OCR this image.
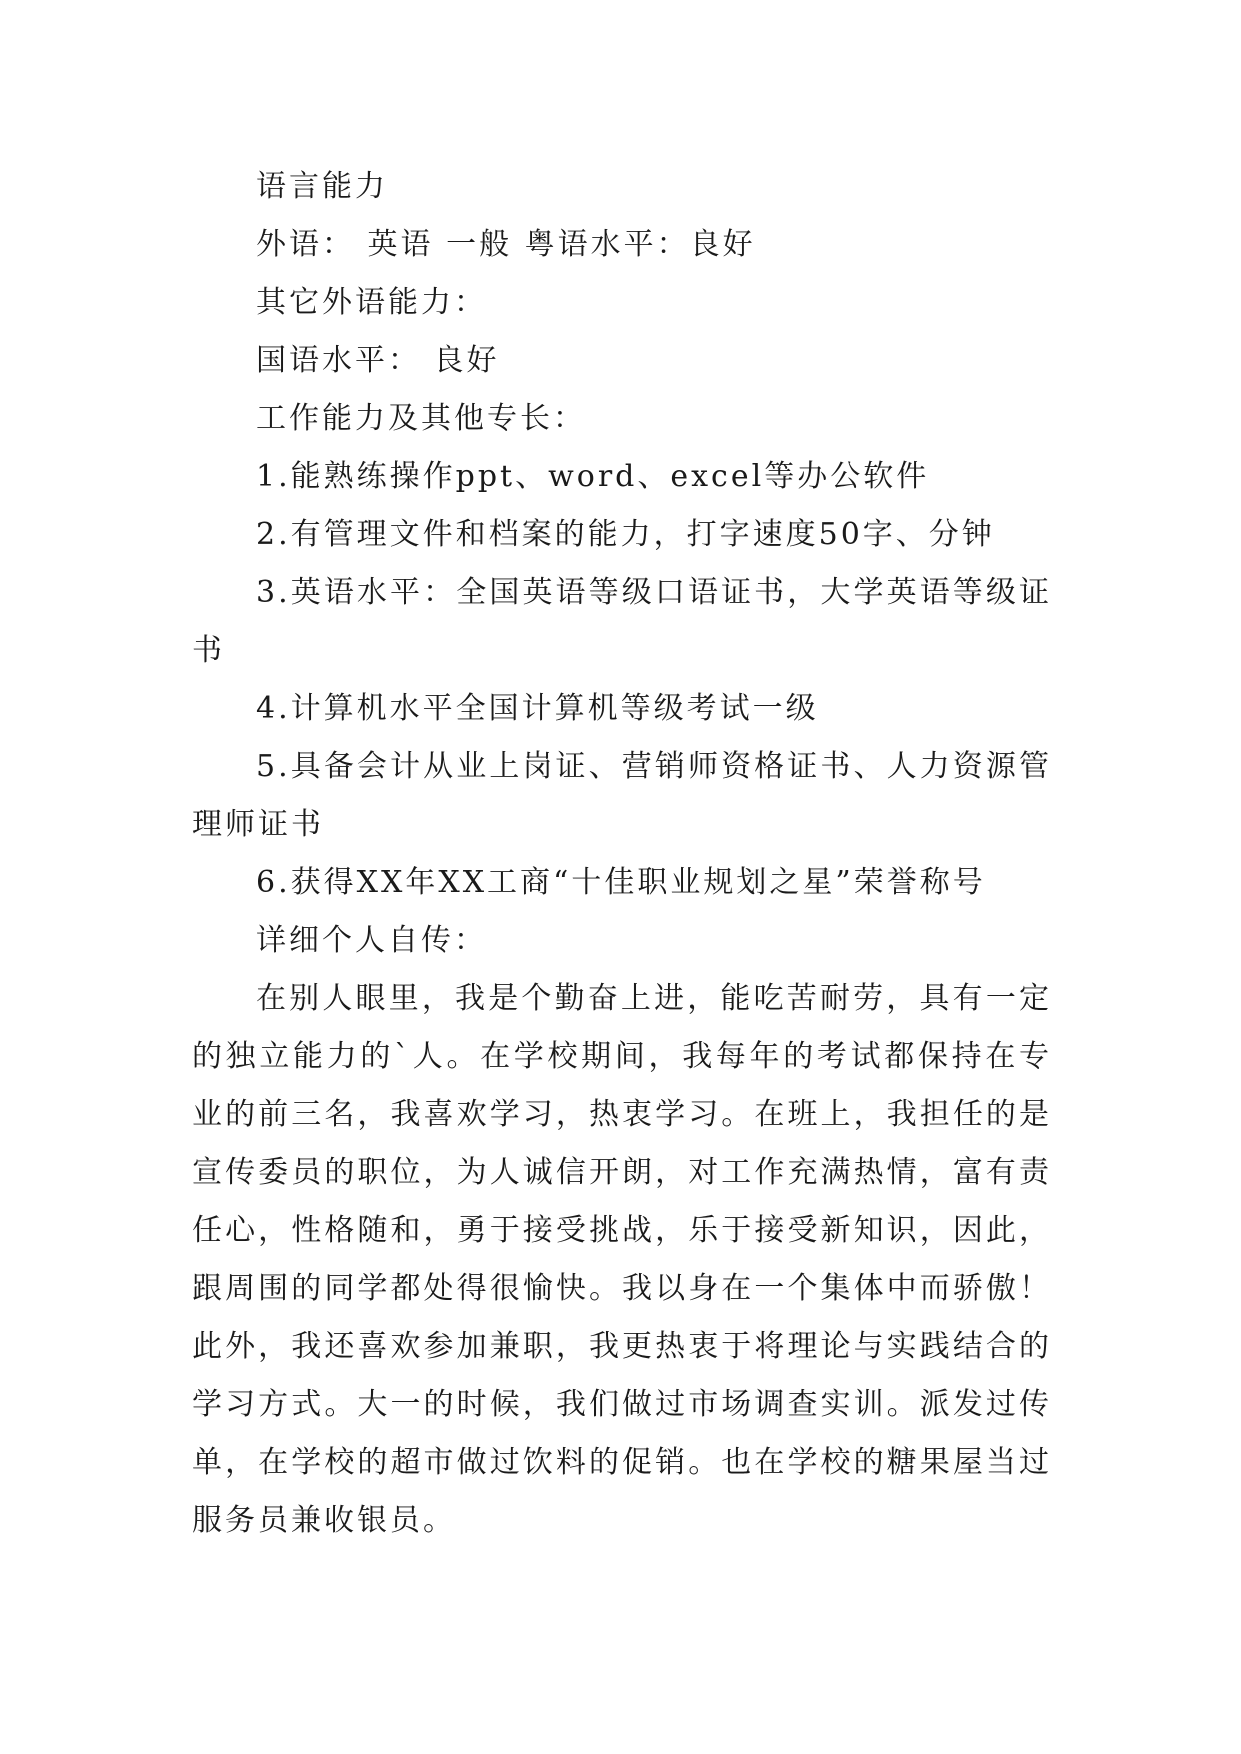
语言能力

外语： 英语 一般 粤语水平：良好

其它外语能力：

国语水平： 良好

工作能力及其他专长：

1.能熟练操作ppt、word、excel等办公软件

2.有管理文件和档案的能力，打字速度50字、分钟

3.英语水平：全国英语等级口语证书，大学英语等级证书

4.计算机水平全国计算机等级考试一级

5.具备会计从业上岗证、营销师资格证书、人力资源管理师证书

6.获得XX年XX工商“十佳职业规划之星”荣誉称号

详细个人自传：

在别人眼里，我是个勤奋上进，能吃苦耐劳，具有一定的独立能力的`人。在学校期间，我每年的考试都保持在专业的前三名，我喜欢学习，热衷学习。在班上，我担任的是宣传委员的职位，为人诚信开朗，对工作充满热情，富有责任心，性格随和，勇于接受挑战，乐于接受新知识，因此，跟周围的同学都处得很愉快。我以身在一个集体中而骄傲！此外，我还喜欢参加兼职，我更热衷于将理论与实践结合的学习方式。大一的时候，我们做过市场调查实训。派发过传单，在学校的超市做过饮料的促销。也在学校的糖果屋当过服务员兼收银员。
